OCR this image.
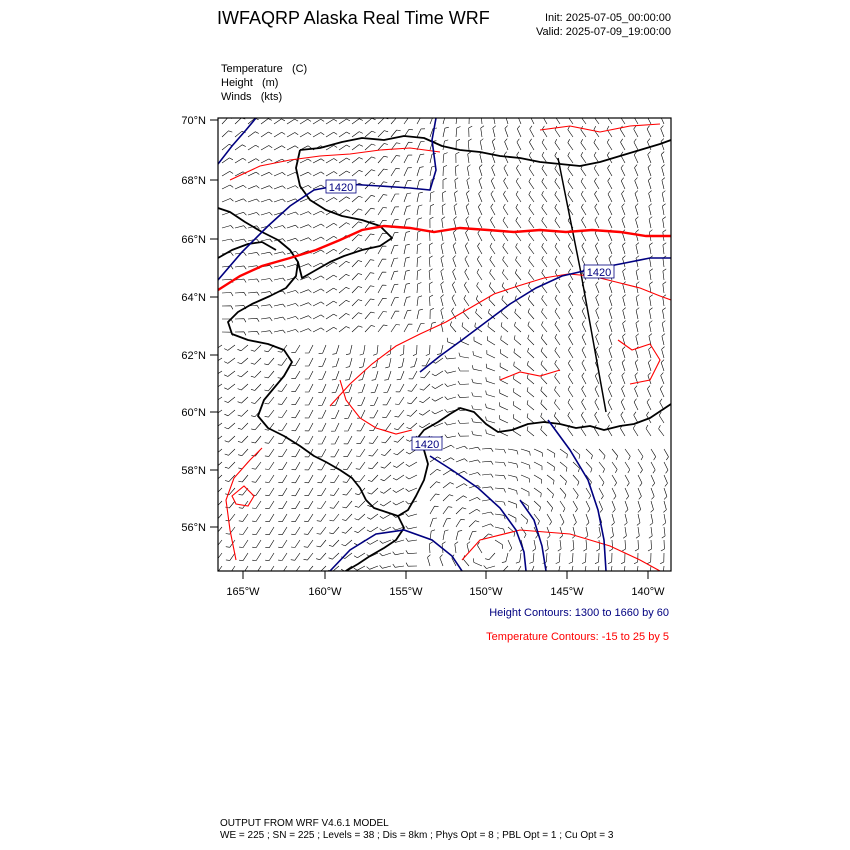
IWFAQRP Alaska Real Time WRF	Init: 2025-07-05_00:00:00
Valid: 2025-07-09_19:00:00
Temperature (C)
Height (m)
Winds (kts)
1420
1420
1420
70°N
68°N
66°N
64°N
62°N
60°N
58°N
56°N
165°W	160°W	155°W	150°W	145°W	140°W
Height Contours: 1300 to 1660 by 60
Temperature Contours: -15 to 25 by 5
OUTPUT FROM WRF V4.6.1 MODEL
WE = 225 ; SN = 225 ; Levels = 38 ; Dis = 8km ; Phys Opt = 8 ; PBL Opt = 1 ; Cu Opt = 3
